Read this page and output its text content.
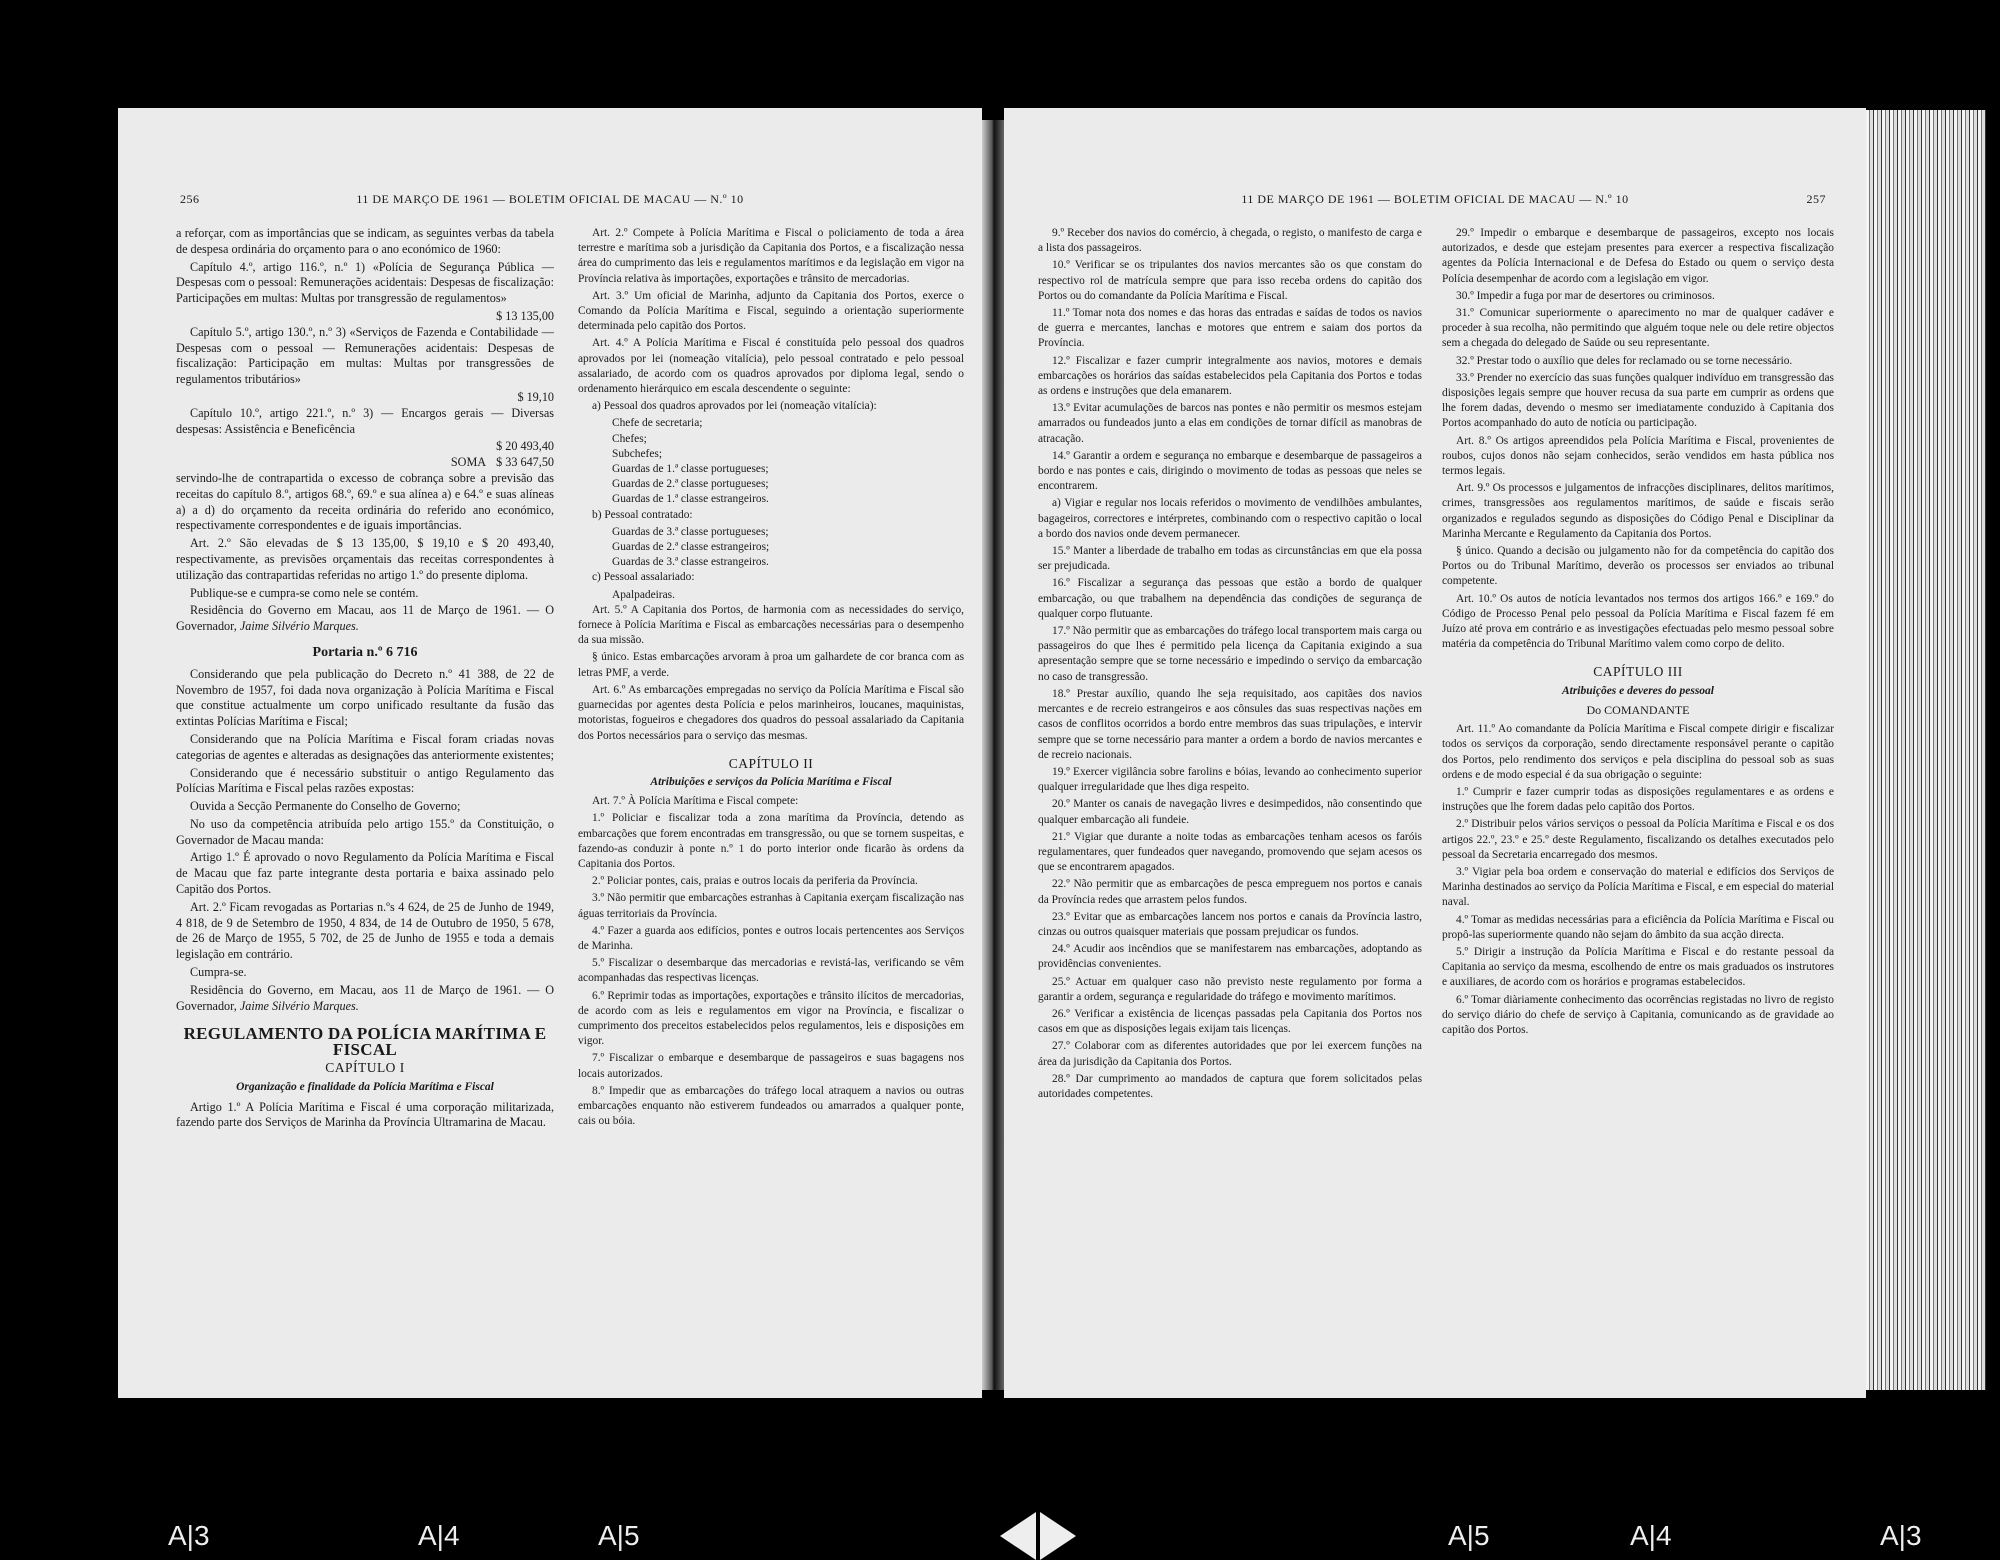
256	11 DE MARÇO DE 1961 — BOLETIM OFICIAL DE MACAU — N.º 10

a reforçar, com as importâncias que se indicam, as seguintes verbas da tabela de despesa ordinária do orçamento para o ano económico de 1960:

Capítulo 4.º, artigo 116.º, n.º 1) «Polícia de Segurança Pública — Despesas com o pessoal: Remunerações acidentais: Despesas de fiscalização: Participações em multas: Multas por transgressão de regulamentos»

$ 13 135,00

Capítulo 5.º, artigo 130.º, n.º 3) «Serviços de Fazenda e Contabilidade — Despesas com o pessoal — Remunerações acidentais: Despesas de fiscalização: Participação em multas: Multas por transgressões de regulamentos tributários»

$ 19,10

Capítulo 10.º, artigo 221.º, n.º 3) — Encargos gerais — Diversas despesas: Assistência e Beneficência

$ 20 493,40
SOMA $ 33 647,50

servindo-lhe de contrapartida o excesso de cobrança sobre a previsão das receitas do capítulo 8.º, artigos 68.º, 69.º e sua alínea a) e 64.º e suas alíneas a) a d) do orçamento da receita ordinária do referido ano económico, respectivamente correspondentes e de iguais importâncias.

Art. 2.º São elevadas de $ 13 135,00, $ 19,10 e $ 20 493,40, respectivamente, as previsões orçamentais das receitas correspondentes à utilização das contrapartidas referidas no artigo 1.º do presente diploma.

Publique-se e cumpra-se como nele se contém.

Residência do Governo em Macau, aos 11 de Março de 1961. — O Governador, Jaime Silvério Marques.

Portaria n.º 6 716

Considerando que pela publicação do Decreto n.º 41 388, de 22 de Novembro de 1957, foi dada nova organização à Polícia Marítima e Fiscal que constitue actualmente um corpo unificado resultante da fusão das extintas Polícias Marítima e Fiscal;

Considerando que na Polícia Marítima e Fiscal foram criadas novas categorias de agentes e alteradas as designações das anteriormente existentes;

Considerando que é necessário substituir o antigo Regulamento das Polícias Marítima e Fiscal pelas razões expostas:

Ouvida a Secção Permanente do Conselho de Governo;

No uso da competência atribuída pelo artigo 155.º da Constituição, o Governador de Macau manda:

Artigo 1.º É aprovado o novo Regulamento da Polícia Marítima e Fiscal de Macau que faz parte integrante desta portaria e baixa assinado pelo Capitão dos Portos.

Art. 2.º Ficam revogadas as Portarias n.ºs 4 624, de 25 de Junho de 1949, 4 818, de 9 de Setembro de 1950, 4 834, de 14 de Outubro de 1950, 5 678, de 26 de Março de 1955, 5 702, de 25 de Junho de 1955 e toda a demais legislação em contrário.

Cumpra-se.

Residência do Governo, em Macau, aos 11 de Março de 1961. — O Governador, Jaime Silvério Marques.

REGULAMENTO DA POLÍCIA MARÍTIMA E FISCAL
CAPÍTULO I
Organização e finalidade da Polícia Marítima e Fiscal

Artigo 1.º A Polícia Marítima e Fiscal é uma corporação militarizada, fazendo parte dos Serviços de Marinha da Província Ultramarina de Macau.

Art. 2.º Compete à Polícia Marítima e Fiscal o policiamento de toda a área terrestre e marítima sob a jurisdição da Capitania dos Portos, e a fiscalização nessa área do cumprimento das leis e regulamentos marítimos e da legislação em vigor na Província relativa às importações, exportações e trânsito de mercadorias.

Art. 3.º Um oficial de Marinha, adjunto da Capitania dos Portos, exerce o Comando da Polícia Marítima e Fiscal, seguindo a orientação superiormente determinada pelo capitão dos Portos.

Art. 4.º A Polícia Marítima e Fiscal é constituída pelo pessoal dos quadros aprovados por lei (nomeação vitalícia), pelo pessoal contratado e pelo pessoal assalariado, de acordo com os quadros aprovados por diploma legal, sendo o ordenamento hierárquico em escala descendente o seguinte:

a) Pessoal dos quadros aprovados por lei (nomeação vitalícia):

Chefe de secretaria;

Chefes;

Subchefes;

Guardas de 1.ª classe portugueses;

Guardas de 2.ª classe portugueses;

Guardas de 1.ª classe estrangeiros.

b) Pessoal contratado:

Guardas de 3.ª classe portugueses;

Guardas de 2.ª classe estrangeiros;

Guardas de 3.ª classe estrangeiros.

c) Pessoal assalariado:

Apalpadeiras.

Art. 5.º A Capitania dos Portos, de harmonia com as necessidades do serviço, fornece à Polícia Marítima e Fiscal as embarcações necessárias para o desempenho da sua missão.

§ único. Estas embarcações arvoram à proa um galhardete de cor branca com as letras PMF, a verde.

Art. 6.º As embarcações empregadas no serviço da Polícia Marítima e Fiscal são guarnecidas por agentes desta Polícia e pelos marinheiros, loucanes, maquinistas, motoristas, fogueiros e chegadores dos quadros do pessoal assalariado da Capitania dos Portos necessários para o serviço das mesmas.

CAPÍTULO II
Atribuições e serviços da Polícia Marítima e Fiscal

Art. 7.º À Polícia Marítima e Fiscal compete:

1.º Policiar e fiscalizar toda a zona marítima da Província, detendo as embarcações que forem encontradas em transgressão, ou que se tornem suspeitas, e fazendo-as conduzir à ponte n.º 1 do porto interior onde ficarão às ordens da Capitania dos Portos.

2.º Policiar pontes, cais, praias e outros locais da periferia da Província.

3.º Não permitir que embarcações estranhas à Capitania exerçam fiscalização nas águas territoriais da Província.

4.º Fazer a guarda aos edifícios, pontes e outros locais pertencentes aos Serviços de Marinha.

5.º Fiscalizar o desembarque das mercadorias e revistá-las, verificando se vêm acompanhadas das respectivas licenças.

6.º Reprimir todas as importações, exportações e trânsito ilícitos de mercadorias, de acordo com as leis e regulamentos em vigor na Província, e fiscalizar o cumprimento dos preceitos estabelecidos pelos regulamentos, leis e disposições em vigor.

7.º Fiscalizar o embarque e desembarque de passageiros e suas bagagens nos locais autorizados.

8.º Impedir que as embarcações do tráfego local atraquem a navios ou outras embarcações enquanto não estiverem fundeados ou amarrados a qualquer ponte, cais ou bóia.

11 DE MARÇO DE 1961 — BOLETIM OFICIAL DE MACAU — N.º 10	257

9.º Receber dos navios do comércio, à chegada, o registo, o manifesto de carga e a lista dos passageiros.

10.º Verificar se os tripulantes dos navios mercantes são os que constam do respectivo rol de matrícula sempre que para isso receba ordens do capitão dos Portos ou do comandante da Polícia Marítima e Fiscal.

11.º Tomar nota dos nomes e das horas das entradas e saídas de todos os navios de guerra e mercantes, lanchas e motores que entrem e saiam dos portos da Província.

12.º Fiscalizar e fazer cumprir integralmente aos navios, motores e demais embarcações os horários das saídas estabelecidos pela Capitania dos Portos e todas as ordens e instruções que dela emanarem.

13.º Evitar acumulações de barcos nas pontes e não permitir os mesmos estejam amarrados ou fundeados junto a elas em condições de tornar difícil as manobras de atracação.

14.º Garantir a ordem e segurança no embarque e desembarque de passageiros a bordo e nas pontes e cais, dirigindo o movimento de todas as pessoas que neles se encontrarem.

a) Vigiar e regular nos locais referidos o movimento de vendilhões ambulantes, bagageiros, correctores e intérpretes, combinando com o respectivo capitão o local a bordo dos navios onde devem permanecer.

15.º Manter a liberdade de trabalho em todas as circunstâncias em que ela possa ser prejudicada.

16.º Fiscalizar a segurança das pessoas que estão a bordo de qualquer embarcação, ou que trabalhem na dependência das condições de segurança de qualquer corpo flutuante.

17.º Não permitir que as embarcações do tráfego local transportem mais carga ou passageiros do que lhes é permitido pela licença da Capitania exigindo a sua apresentação sempre que se torne necessário e impedindo o serviço da embarcação no caso de transgressão.

18.º Prestar auxílio, quando lhe seja requisitado, aos capitães dos navios mercantes e de recreio estrangeiros e aos cônsules das suas respectivas nações em casos de conflitos ocorridos a bordo entre membros das suas tripulações, e intervir sempre que se torne necessário para manter a ordem a bordo de navios mercantes e de recreio nacionais.

19.º Exercer vigilância sobre farolins e bóias, levando ao conhecimento superior qualquer irregularidade que lhes diga respeito.

20.º Manter os canais de navegação livres e desimpedidos, não consentindo que qualquer embarcação ali fundeie.

21.º Vigiar que durante a noite todas as embarcações tenham acesos os faróis regulamentares, quer fundeados quer navegando, promovendo que sejam acesos os que se encontrarem apagados.

22.º Não permitir que as embarcações de pesca empreguem nos portos e canais da Província redes que arrastem pelos fundos.

23.º Evitar que as embarcações lancem nos portos e canais da Província lastro, cinzas ou outros quaisquer materiais que possam prejudicar os fundos.

24.º Acudir aos incêndios que se manifestarem nas embarcações, adoptando as providências convenientes.

25.º Actuar em qualquer caso não previsto neste regulamento por forma a garantir a ordem, segurança e regularidade do tráfego e movimento marítimos.

26.º Verificar a existência de licenças passadas pela Capitania dos Portos nos casos em que as disposições legais exijam tais licenças.

27.º Colaborar com as diferentes autoridades que por lei exercem funções na área da jurisdição da Capitania dos Portos.

28.º Dar cumprimento ao mandados de captura que forem solicitados pelas autoridades competentes.

29.º Impedir o embarque e desembarque de passageiros, excepto nos locais autorizados, e desde que estejam presentes para exercer a respectiva fiscalização agentes da Polícia Internacional e de Defesa do Estado ou quem o serviço desta Polícia desempenhar de acordo com a legislação em vigor.

30.º Impedir a fuga por mar de desertores ou criminosos.

31.º Comunicar superiormente o aparecimento no mar de qualquer cadáver e proceder à sua recolha, não permitindo que alguém toque nele ou dele retire objectos sem a chegada do delegado de Saúde ou seu representante.

32.º Prestar todo o auxílio que deles for reclamado ou se torne necessário.

33.º Prender no exercício das suas funções qualquer indivíduo em transgressão das disposições legais sempre que houver recusa da sua parte em cumprir as ordens que lhe forem dadas, devendo o mesmo ser imediatamente conduzido à Capitania dos Portos acompanhado do auto de notícia ou participação.

Art. 8.º Os artigos apreendidos pela Polícia Marítima e Fiscal, provenientes de roubos, cujos donos não sejam conhecidos, serão vendidos em hasta pública nos termos legais.

Art. 9.º Os processos e julgamentos de infracções disciplinares, delitos marítimos, crimes, transgressões aos regulamentos marítimos, de saúde e fiscais serão organizados e regulados segundo as disposições do Código Penal e Disciplinar da Marinha Mercante e Regulamento da Capitania dos Portos.

§ único. Quando a decisão ou julgamento não for da competência do capitão dos Portos ou do Tribunal Marítimo, deverão os processos ser enviados ao tribunal competente.

Art. 10.º Os autos de notícia levantados nos termos dos artigos 166.º e 169.º do Código de Processo Penal pelo pessoal da Polícia Marítima e Fiscal fazem fé em Juízo até prova em contrário e as investigações efectuadas pelo mesmo pessoal sobre matéria da competência do Tribunal Marítimo valem como corpo de delito.

CAPÍTULO III
Atribuições e deveres do pessoal
Do COMANDANTE

Art. 11.º Ao comandante da Polícia Marítima e Fiscal compete dirigir e fiscalizar todos os serviços da corporação, sendo directamente responsável perante o capitão dos Portos, pelo rendimento dos serviços e pela disciplina do pessoal sob as suas ordens e de modo especial é da sua obrigação o seguinte:

1.º Cumprir e fazer cumprir todas as disposições regulamentares e as ordens e instruções que lhe forem dadas pelo capitão dos Portos.

2.º Distribuir pelos vários serviços o pessoal da Polícia Marítima e Fiscal e os dos artigos 22.º, 23.º e 25.º deste Regulamento, fiscalizando os detalhes executados pelo pessoal da Secretaria encarregado dos mesmos.

3.º Vigiar pela boa ordem e conservação do material e edifícios dos Serviços de Marinha destinados ao serviço da Polícia Marítima e Fiscal, e em especial do material naval.

4.º Tomar as medidas necessárias para a eficiência da Polícia Marítima e Fiscal ou propô-las superiormente quando não sejam do âmbito da sua acção directa.

5.º Dirigir a instrução da Polícia Marítima e Fiscal e do restante pessoal da Capitania ao serviço da mesma, escolhendo de entre os mais graduados os instrutores e auxiliares, de acordo com os horários e programas estabelecidos.

6.º Tomar diàriamente conhecimento das ocorrências registadas no livro de registo do serviço diário do chefe de serviço à Capitania, comunicando as de gravidade ao capitão dos Portos.

A|3	A|4	A|5	A|5	A|4	A|3
